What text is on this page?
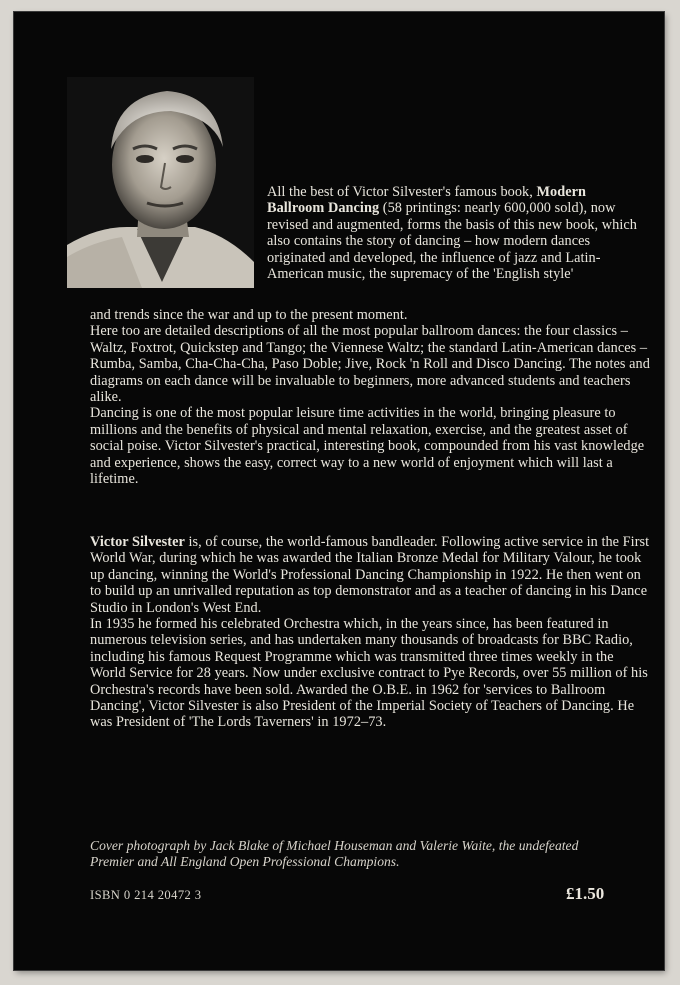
All the best of Victor Silvester's famous book, Modern Ballroom Dancing (58 printings: nearly 600,000 sold), now revised and augmented, forms the basis of this new book, which also contains the story of dancing – how modern dances originated and developed, the influence of jazz and Latin-American music, the supremacy of the 'English style'

and trends since the war and up to the present moment.

Here too are detailed descriptions of all the most popular ballroom dances: the four classics – Waltz, Foxtrot, Quickstep and Tango; the Viennese Waltz; the standard Latin-American dances – Rumba, Samba, Cha-Cha-Cha, Paso Doble; Jive, Rock 'n Roll and Disco Dancing. The notes and diagrams on each dance will be invaluable to beginners, more advanced students and teachers alike.

Dancing is one of the most popular leisure time activities in the world, bringing pleasure to millions and the benefits of physical and mental relaxation, exercise, and the greatest asset of social poise. Victor Silvester's practical, interesting book, compounded from his vast knowledge and experience, shows the easy, correct way to a new world of enjoyment which will last a lifetime.

Victor Silvester is, of course, the world-famous bandleader. Following active service in the First World War, during which he was awarded the Italian Bronze Medal for Military Valour, he took up dancing, winning the World's Professional Dancing Championship in 1922. He then went on to build up an unrivalled reputation as top demonstrator and as a teacher of dancing in his Dance Studio in London's West End.

In 1935 he formed his celebrated Orchestra which, in the years since, has been featured in numerous television series, and has undertaken many thousands of broadcasts for BBC Radio, including his famous Request Programme which was transmitted three times weekly in the World Service for 28 years. Now under exclusive contract to Pye Records, over 55 million of his Orchestra's records have been sold. Awarded the O.B.E. in 1962 for 'services to Ballroom Dancing', Victor Silvester is also President of the Imperial Society of Teachers of Dancing. He was President of 'The Lords Taverners' in 1972–73.

Cover photograph by Jack Blake of Michael Houseman and Valerie Waite, the undefeated Premier and All England Open Professional Champions.
ISBN 0 214 20472 3	£1.50
